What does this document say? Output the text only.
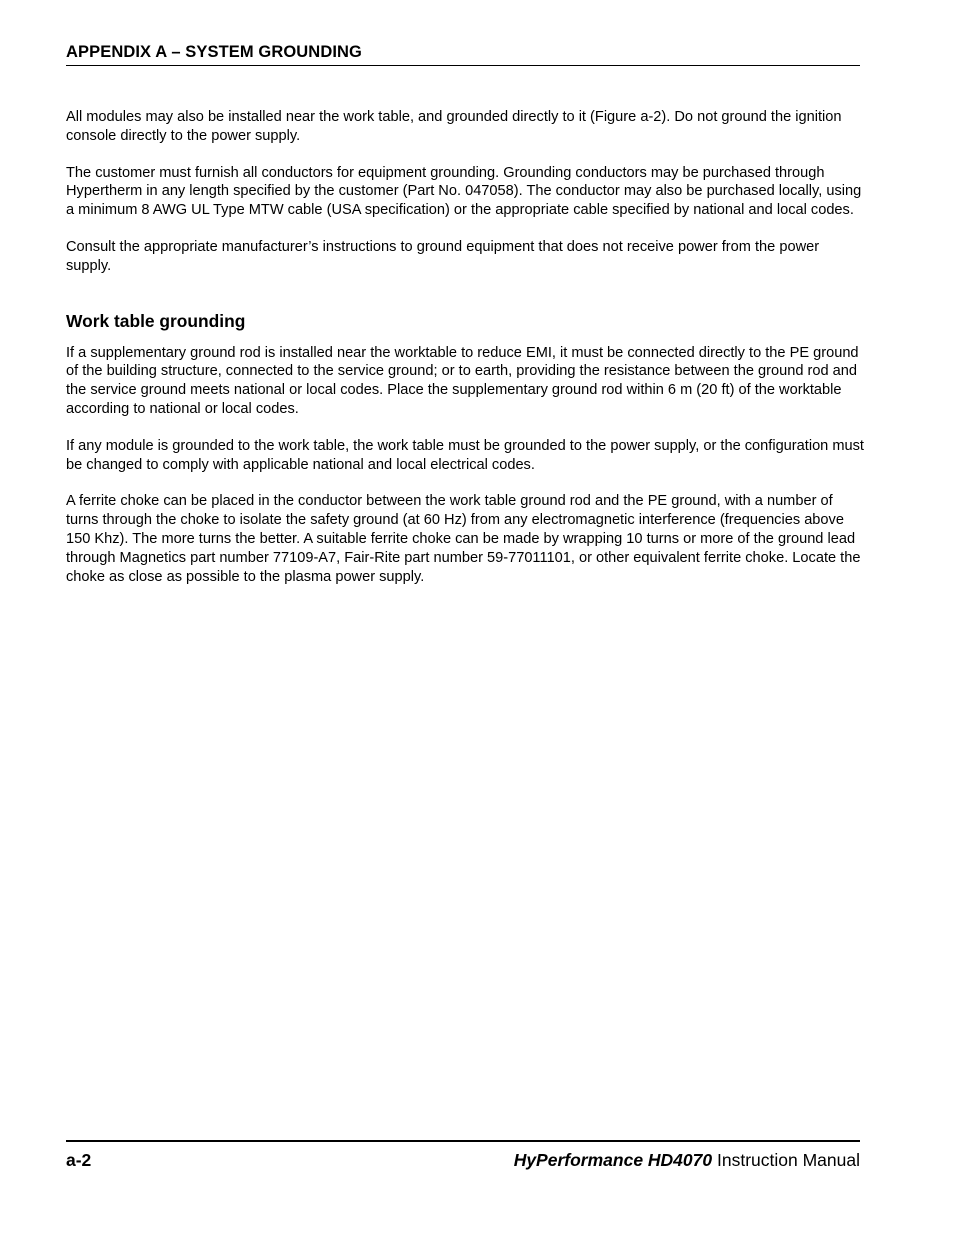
APPENDIX A – SYSTEM GROUNDING

All modules may also be installed near the work table, and grounded directly to it (Figure a-2). Do not ground the ignition console directly to the power supply.

The customer must furnish all conductors for equipment grounding. Grounding conductors may be purchased through Hypertherm in any length specified by the customer (Part No. 047058). The conductor may also be purchased locally, using a minimum 8 AWG UL Type MTW cable (USA specification) or the appropriate cable specified by national and local codes.

Consult the appropriate manufacturer’s instructions to ground equipment that does not receive power from the power supply.

Work table grounding

If a supplementary ground rod is installed near the worktable to reduce EMI, it must be connected directly to the PE ground of the building structure, connected to the service ground; or to earth, providing the resistance between the ground rod and the service ground meets national or local codes. Place the supplementary ground rod within 6 m (20 ft) of the worktable according to national or local codes.

If any module is grounded to the work table, the work table must be grounded to the power supply, or the configuration must be changed to comply with applicable national and local electrical codes.

A ferrite choke can be placed in the conductor between the work table ground rod and the PE ground, with a number of turns through the choke to isolate the safety ground (at 60 Hz) from any electromagnetic interference (frequencies above 150 Khz). The more turns the better. A suitable ferrite choke can be made by wrapping 10 turns or more of the ground lead through Magnetics part number 77109-A7, Fair-Rite part number 59-77011101, or other equivalent ferrite choke. Locate the choke as close as possible to the plasma power supply.

a-2	HyPerformance HD4070 Instruction Manual
